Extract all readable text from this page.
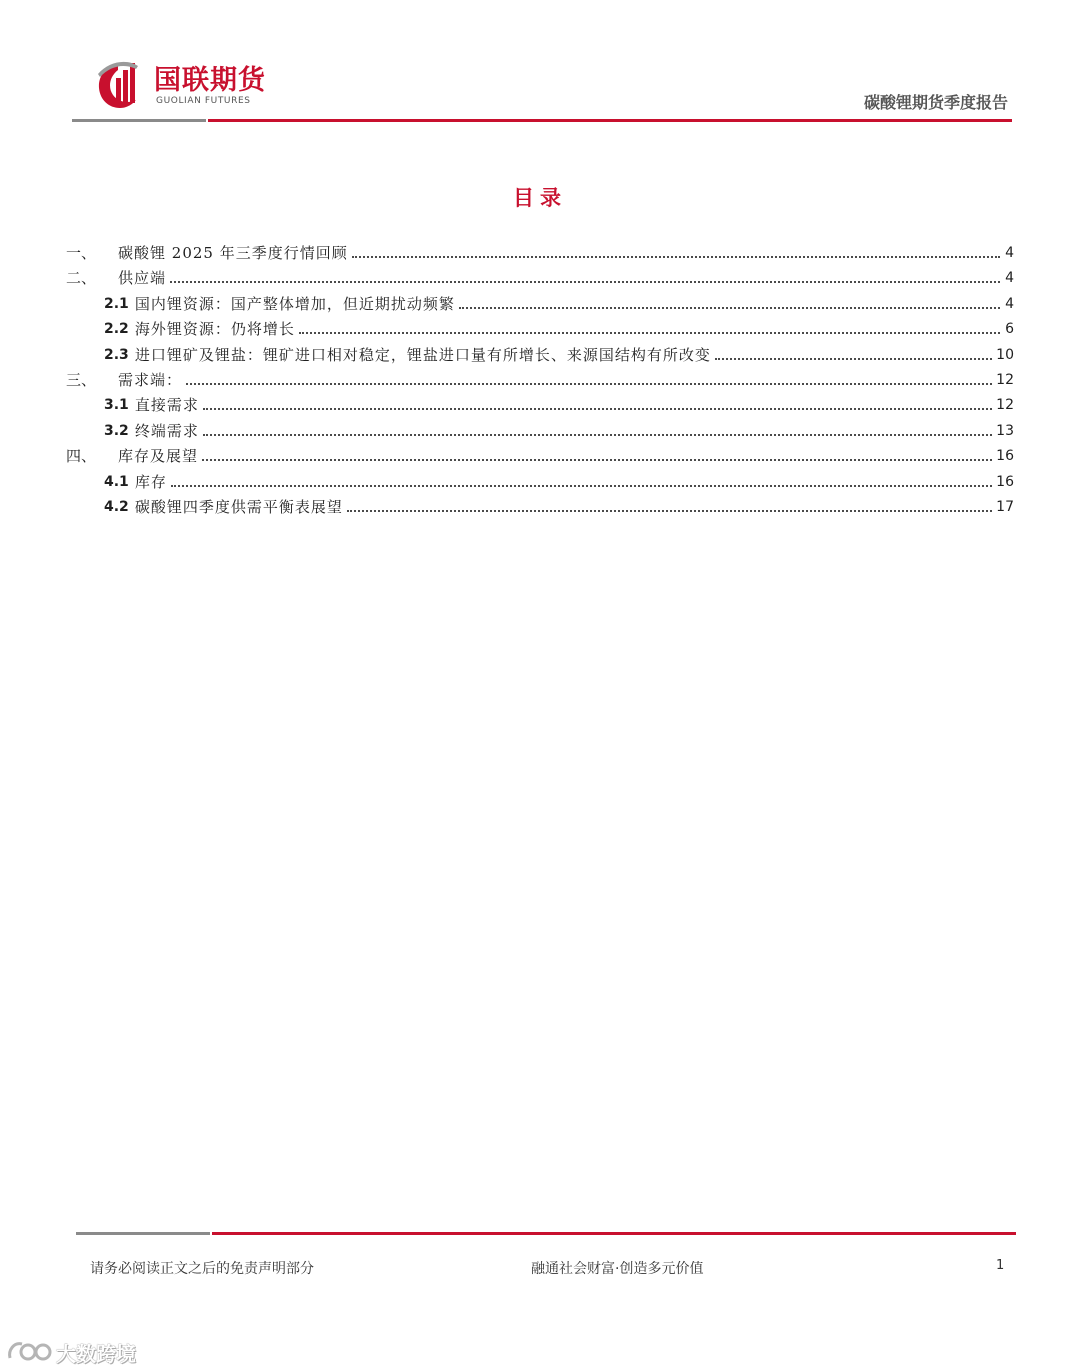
国联期货
GUOLIAN FUTURES	碳酸锂期货季度报告
目录
一、	碳酸锂 2025 年三季度行情回顾	4
二、	供应端	4
2.1 国内锂资源：国产整体增加，但近期扰动频繁	4
2.2 海外锂资源：仍将增长	6
2.3 进口锂矿及锂盐：锂矿进口相对稳定，锂盐进口量有所增长、来源国结构有所改变	10
三、	需求端：	12
3.1 直接需求	12
3.2 终端需求	13
四、	库存及展望	16
4.1 库存	16
4.2 碳酸锂四季度供需平衡表展望	17
请务必阅读正文之后的免责声明部分	融通社会财富·创造多元价值	1
大数跨境
